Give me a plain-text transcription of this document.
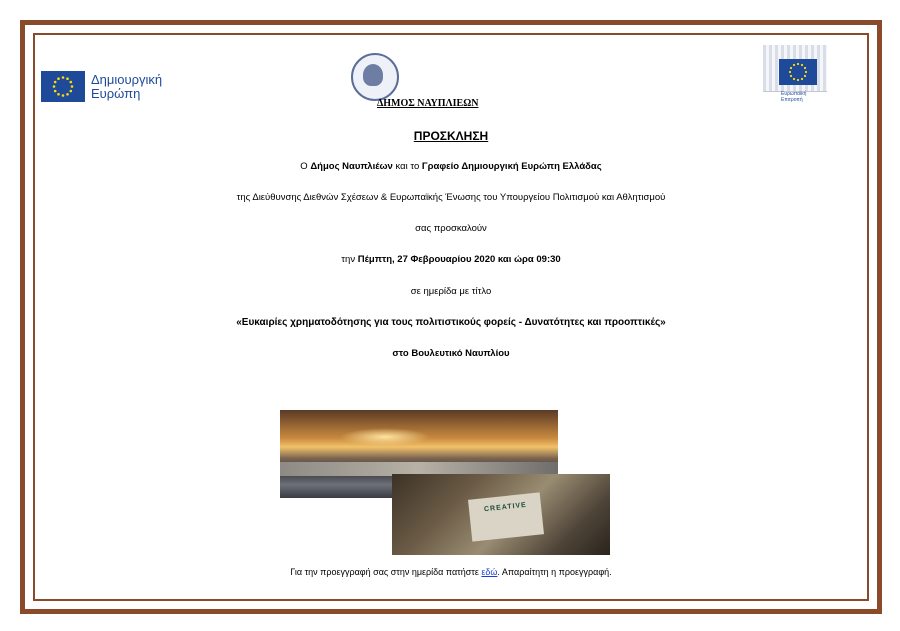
Δημιουργική
Ευρώπη
ΔΗΜΟΣ ΝΑΥΠΛΙΕΩΝ
Ευρωπαϊκή
Επιτροπή
ΠΡΟΣΚΛΗΣΗ
Ο Δήμος Ναυπλιέων και το Γραφείο Δημιουργική Ευρώπη Ελλάδας
της Διεύθυνσης Διεθνών Σχέσεων & Ευρωπαϊκής Ένωσης του Υπουργείου Πολιτισμού και Αθλητισμού
σας προσκαλούν
την Πέμπτη, 27 Φεβρουαρίου 2020 και ώρα 09:30
σε ημερίδα με τίτλο
«Ευκαιρίες χρηματοδότησης για τους πολιτιστικούς φορείς - Δυνατότητες και προοπτικές»
στο Βουλευτικό Ναυπλίου
CREATIVE
Για την προεγγραφή σας στην ημερίδα πατήστε εδώ. Απαραίτητη η προεγγραφή.
